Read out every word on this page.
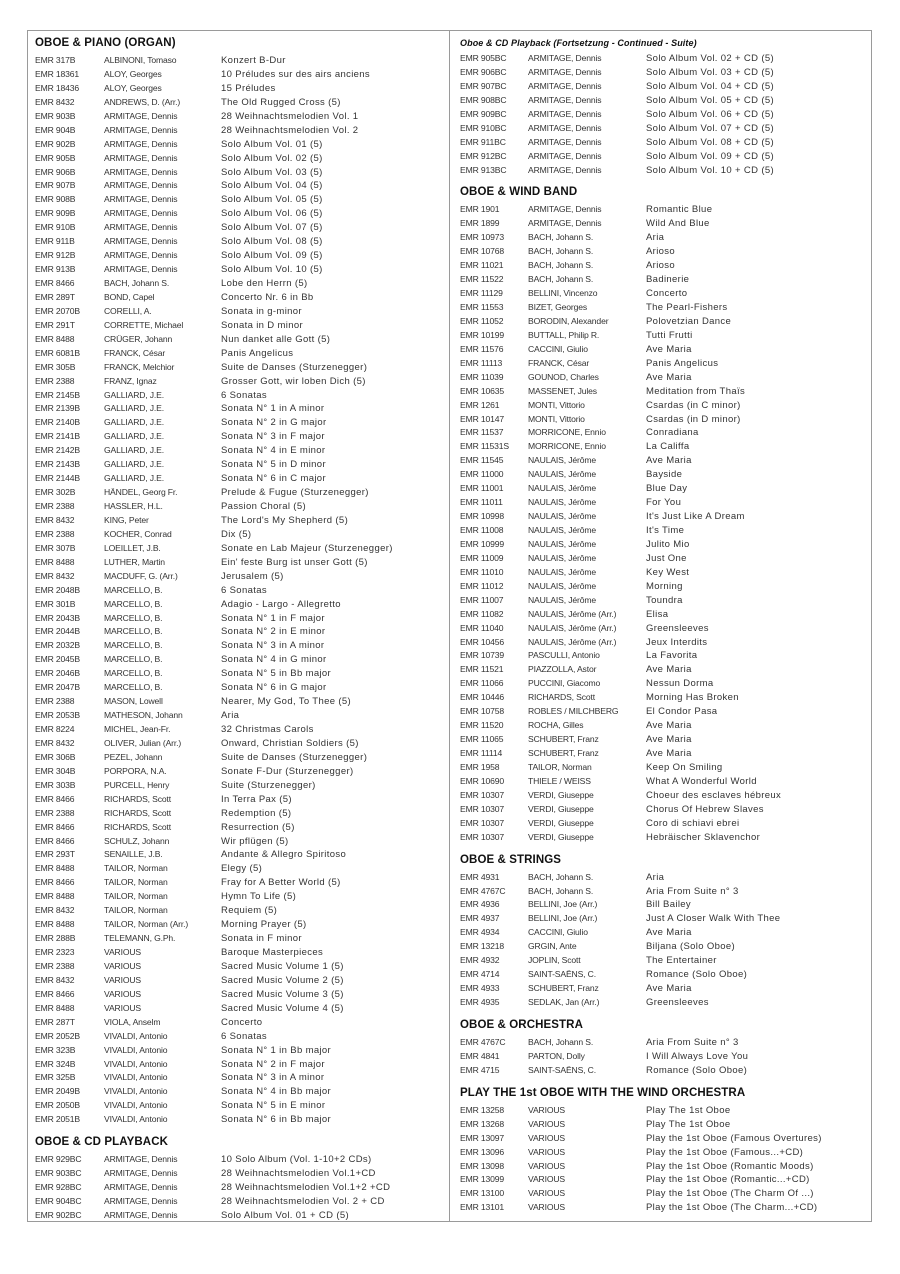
OBOE & PIANO (ORGAN)
EMR 317B	ALBINONI, Tomaso	Konzert B-Dur
EMR 18361	ALOY, Georges	10 Préludes sur des airs anciens
EMR 18436	ALOY, Georges	15 Préludes
EMR 8432	ANDREWS, D. (Arr.)	The Old Rugged Cross (5)
EMR 903B	ARMITAGE, Dennis	28 Weihnachtsmelodien Vol. 1
EMR 904B	ARMITAGE, Dennis	28 Weihnachtsmelodien Vol. 2
EMR 902B	ARMITAGE, Dennis	Solo Album Vol. 01 (5)
EMR 905B	ARMITAGE, Dennis	Solo Album Vol. 02 (5)
EMR 906B	ARMITAGE, Dennis	Solo Album Vol. 03 (5)
EMR 907B	ARMITAGE, Dennis	Solo Album Vol. 04 (5)
EMR 908B	ARMITAGE, Dennis	Solo Album Vol. 05 (5)
EMR 909B	ARMITAGE, Dennis	Solo Album Vol. 06 (5)
EMR 910B	ARMITAGE, Dennis	Solo Album Vol. 07 (5)
EMR 911B	ARMITAGE, Dennis	Solo Album Vol. 08 (5)
EMR 912B	ARMITAGE, Dennis	Solo Album Vol. 09 (5)
EMR 913B	ARMITAGE, Dennis	Solo Album Vol. 10 (5)
EMR 8466	BACH, Johann S.	Lobe den Herrn (5)
EMR 289T	BOND, Capel	Concerto Nr. 6 in Bb
EMR 2070B	CORELLI, A.	Sonata in g-minor
EMR 291T	CORRETTE, Michael	Sonata in D minor
EMR 8488	CRÜGER, Johann	Nun danket alle Gott (5)
EMR 6081B	FRANCK, César	Panis Angelicus
EMR 305B	FRANCK, Melchior	Suite de Danses (Sturzenegger)
EMR 2388	FRANZ, Ignaz	Grosser Gott, wir loben Dich (5)
EMR 2145B	GALLIARD, J.E.	6 Sonatas
EMR 2139B	GALLIARD, J.E.	Sonata N° 1 in A minor
EMR 2140B	GALLIARD, J.E.	Sonata N° 2 in G major
EMR 2141B	GALLIARD, J.E.	Sonata N° 3 in F major
EMR 2142B	GALLIARD, J.E.	Sonata N° 4 in E minor
EMR 2143B	GALLIARD, J.E.	Sonata N° 5 in D minor
EMR 2144B	GALLIARD, J.E.	Sonata N° 6 in C major
EMR 302B	HÄNDEL, Georg Fr.	Prelude & Fugue (Sturzenegger)
EMR 2388	HASSLER, H.L.	Passion Choral (5)
EMR 8432	KING, Peter	The Lord's My Shepherd (5)
EMR 2388	KOCHER, Conrad	Dix (5)
EMR 307B	LOEILLET, J.B.	Sonate en Lab Majeur (Sturzenegger)
EMR 8488	LUTHER, Martin	Ein' feste Burg ist unser Gott (5)
EMR 8432	MACDUFF, G. (Arr.)	Jerusalem (5)
EMR 2048B	MARCELLO, B.	6 Sonatas
EMR 301B	MARCELLO, B.	Adagio - Largo - Allegretto
EMR 2043B	MARCELLO, B.	Sonata N° 1 in F major
EMR 2044B	MARCELLO, B.	Sonata N° 2 in E minor
EMR 2032B	MARCELLO, B.	Sonata N° 3 in A minor
EMR 2045B	MARCELLO, B.	Sonata N° 4 in G minor
EMR 2046B	MARCELLO, B.	Sonata N° 5 in Bb major
EMR 2047B	MARCELLO, B.	Sonata N° 6 in G major
EMR 2388	MASON, Lowell	Nearer, My God, To Thee (5)
EMR 2053B	MATHESON, Johann	Aria
EMR 8224	MICHEL, Jean-Fr.	32 Christmas Carols
EMR 8432	OLIVER, Julian (Arr.)	Onward, Christian Soldiers (5)
EMR 306B	PEZEL, Johann	Suite de Danses (Sturzenegger)
EMR 304B	PORPORA, N.A.	Sonate F-Dur (Sturzenegger)
EMR 303B	PURCELL, Henry	Suite (Sturzenegger)
EMR 8466	RICHARDS, Scott	In Terra Pax (5)
EMR 2388	RICHARDS, Scott	Redemption (5)
EMR 8466	RICHARDS, Scott	Resurrection (5)
EMR 8466	SCHULZ, Johann	Wir pflügen (5)
EMR 293T	SENAILLE, J.B.	Andante & Allegro Spiritoso
EMR 8488	TAILOR, Norman	Elegy (5)
EMR 8466	TAILOR, Norman	Fray for A Better World (5)
EMR 8488	TAILOR, Norman	Hymn To Life (5)
EMR 8432	TAILOR, Norman	Requiem (5)
EMR 8488	TAILOR, Norman (Arr.)	Morning Prayer (5)
EMR 288B	TELEMANN, G.Ph.	Sonata in F minor
EMR 2323	VARIOUS	Baroque Masterpieces
EMR 2388	VARIOUS	Sacred Music Volume 1 (5)
EMR 8432	VARIOUS	Sacred Music Volume 2 (5)
EMR 8466	VARIOUS	Sacred Music Volume 3 (5)
EMR 8488	VARIOUS	Sacred Music Volume 4 (5)
EMR 287T	VIOLA, Anselm	Concerto
EMR 2052B	VIVALDI, Antonio	6 Sonatas
EMR 323B	VIVALDI, Antonio	Sonata N° 1 in Bb major
EMR 324B	VIVALDI, Antonio	Sonata N° 2 in F major
EMR 325B	VIVALDI, Antonio	Sonata N° 3 in A minor
EMR 2049B	VIVALDI, Antonio	Sonata N° 4 in Bb major
EMR 2050B	VIVALDI, Antonio	Sonata N° 5 in E minor
EMR 2051B	VIVALDI, Antonio	Sonata N° 6 in Bb major
OBOE & CD PLAYBACK
EMR 929BC	ARMITAGE, Dennis	10 Solo Album (Vol. 1-10+2 CDs)
EMR 903BC	ARMITAGE, Dennis	28 Weihnachtsmelodien Vol.1+CD
EMR 928BC	ARMITAGE, Dennis	28 Weihnachtsmelodien Vol.1+2 +CD
EMR 904BC	ARMITAGE, Dennis	28 Weihnachtsmelodien Vol. 2 + CD
EMR 902BC	ARMITAGE, Dennis	Solo Album Vol. 01 + CD (5)
Oboe & CD Playback (Fortsetzung - Continued - Suite)
EMR 905BC	ARMITAGE, Dennis	Solo Album Vol. 02 + CD (5)
EMR 906BC	ARMITAGE, Dennis	Solo Album Vol. 03 + CD (5)
EMR 907BC	ARMITAGE, Dennis	Solo Album Vol. 04 + CD (5)
EMR 908BC	ARMITAGE, Dennis	Solo Album Vol. 05 + CD (5)
EMR 909BC	ARMITAGE, Dennis	Solo Album Vol. 06 + CD (5)
EMR 910BC	ARMITAGE, Dennis	Solo Album Vol. 07 + CD (5)
EMR 911BC	ARMITAGE, Dennis	Solo Album Vol. 08 + CD (5)
EMR 912BC	ARMITAGE, Dennis	Solo Album Vol. 09 + CD (5)
EMR 913BC	ARMITAGE, Dennis	Solo Album Vol. 10 + CD (5)
OBOE & WIND BAND
EMR 1901	ARMITAGE, Dennis	Romantic Blue
EMR 1899	ARMITAGE, Dennis	Wild And Blue
EMR 10973	BACH, Johann S.	Aria
EMR 10768	BACH, Johann S.	Arioso
EMR 11021	BACH, Johann S.	Arioso
EMR 11522	BACH, Johann S.	Badinerie
EMR 11129	BELLINI, Vincenzo	Concerto
EMR 11553	BIZET, Georges	The Pearl-Fishers
EMR 11052	BORODIN, Alexander	Polovetzian Dance
EMR 10199	BUTTALL, Philip R.	Tutti Frutti
EMR 11576	CACCINI, Giulio	Ave Maria
EMR 11113	FRANCK, César	Panis Angelicus
EMR 11039	GOUNOD, Charles	Ave Maria
EMR 10635	MASSENET, Jules	Meditation from Thaïs
EMR 1261	MONTI, Vittorio	Csardas (in C minor)
EMR 10147	MONTI, Vittorio	Csardas (in D minor)
EMR 11537	MORRICONE, Ennio	Conradiana
EMR 11531S	MORRICONE, Ennio	La Califfa
EMR 11545	NAULAIS, Jérôme	Ave Maria
EMR 11000	NAULAIS, Jérôme	Bayside
EMR 11001	NAULAIS, Jérôme	Blue Day
EMR 11011	NAULAIS, Jérôme	For You
EMR 10998	NAULAIS, Jérôme	It's Just Like A Dream
EMR 11008	NAULAIS, Jérôme	It's Time
EMR 10999	NAULAIS, Jérôme	Julito Mio
EMR 11009	NAULAIS, Jérôme	Just One
EMR 11010	NAULAIS, Jérôme	Key West
EMR 11012	NAULAIS, Jérôme	Morning
EMR 11007	NAULAIS, Jérôme	Toundra
EMR 11082	NAULAIS, Jérôme (Arr.)	Elisa
EMR 11040	NAULAIS, Jérôme (Arr.)	Greensleeves
EMR 10456	NAULAIS, Jérôme (Arr.)	Jeux Interdits
EMR 10739	PASCULLI, Antonio	La Favorita
EMR 11521	PIAZZOLLA, Astor	Ave Maria
EMR 11066	PUCCINI, Giacomo	Nessun Dorma
EMR 10446	RICHARDS, Scott	Morning Has Broken
EMR 10758	ROBLES / MILCHBERG	El Condor Pasa
EMR 11520	ROCHA, Gilles	Ave Maria
EMR 11065	SCHUBERT, Franz	Ave Maria
EMR 11114	SCHUBERT, Franz	Ave Maria
EMR 1958	TAILOR, Norman	Keep On Smiling
EMR 10690	THIELE / WEISS	What A Wonderful World
EMR 10307	VERDI, Giuseppe	Choeur des esclaves hébreux
EMR 10307	VERDI, Giuseppe	Chorus Of Hebrew Slaves
EMR 10307	VERDI, Giuseppe	Coro di schiavi ebrei
EMR 10307	VERDI, Giuseppe	Hebräischer Sklavenchor
OBOE & STRINGS
EMR 4931	BACH, Johann S.	Aria
EMR 4767C	BACH, Johann S.	Aria From Suite n° 3
EMR 4936	BELLINI, Joe (Arr.)	Bill Bailey
EMR 4937	BELLINI, Joe (Arr.)	Just A Closer Walk With Thee
EMR 4934	CACCINI, Giulio	Ave Maria
EMR 13218	GRGIN, Ante	Biljana (Solo Oboe)
EMR 4932	JOPLIN, Scott	The Entertainer
EMR 4714	SAINT-SAËNS, C.	Romance (Solo Oboe)
EMR 4933	SCHUBERT, Franz	Ave Maria
EMR 4935	SEDLAK, Jan (Arr.)	Greensleeves
OBOE & ORCHESTRA
EMR 4767C	BACH, Johann S.	Aria From Suite n° 3
EMR 4841	PARTON, Dolly	I Will Always Love You
EMR 4715	SAINT-SAËNS, C.	Romance (Solo Oboe)
PLAY THE 1st OBOE WITH THE WIND ORCHESTRA
EMR 13258	VARIOUS	Play The 1st Oboe
EMR 13268	VARIOUS	Play The 1st Oboe
EMR 13097	VARIOUS	Play the 1st Oboe (Famous Overtures)
EMR 13096	VARIOUS	Play the 1st Oboe (Famous...+CD)
EMR 13098	VARIOUS	Play the 1st Oboe (Romantic Moods)
EMR 13099	VARIOUS	Play the 1st Oboe (Romantic...+CD)
EMR 13100	VARIOUS	Play the 1st Oboe (The Charm Of ...)
EMR 13101	VARIOUS	Play the 1st Oboe (The Charm...+CD)
